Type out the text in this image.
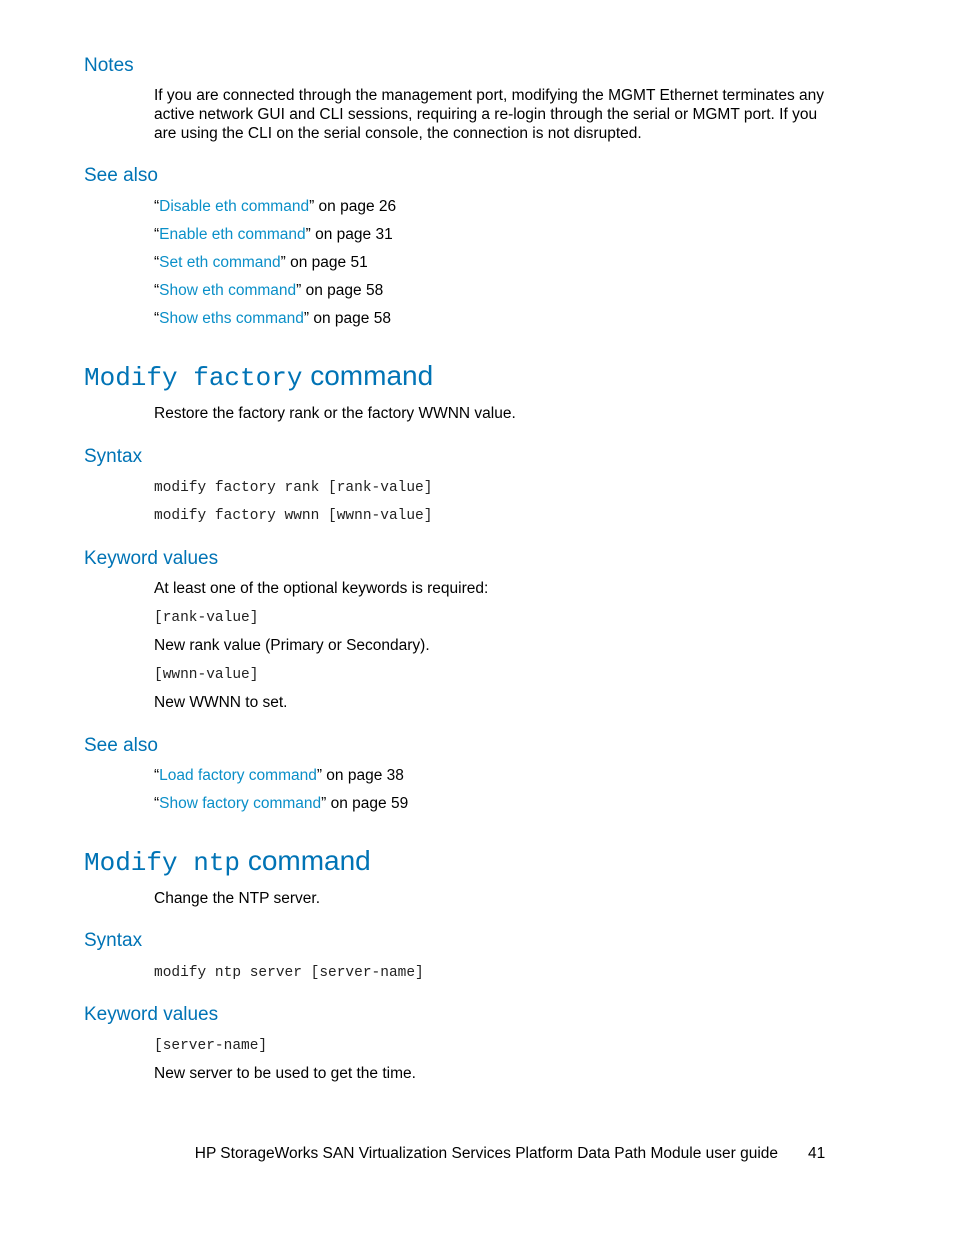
Notes
If you are connected through the management port, modifying the MGMT Ethernet terminates any active network GUI and CLI sessions, requiring a re-login through the serial or MGMT port. If you are using the CLI on the serial console, the connection is not disrupted.
See also
“Disable eth command” on page 26
“Enable eth command” on page 31
“Set eth command” on page 51
“Show eth command” on page 58
“Show eths command” on page 58
Modify factory command
Restore the factory rank or the factory WWNN value.
Syntax
modify factory rank [rank-value]
modify factory wwnn [wwnn-value]
Keyword values
At least one of the optional keywords is required:
[rank-value]
New rank value (Primary or Secondary).
[wwnn-value]
New WWNN to set.
See also
“Load factory command” on page 38
“Show factory command” on page 59
Modify ntp command
Change the NTP server.
Syntax
modify ntp server [server-name]
Keyword values
[server-name]
New server to be used to get the time.
HP StorageWorks SAN Virtualization Services Platform Data Path Module user guide 41
